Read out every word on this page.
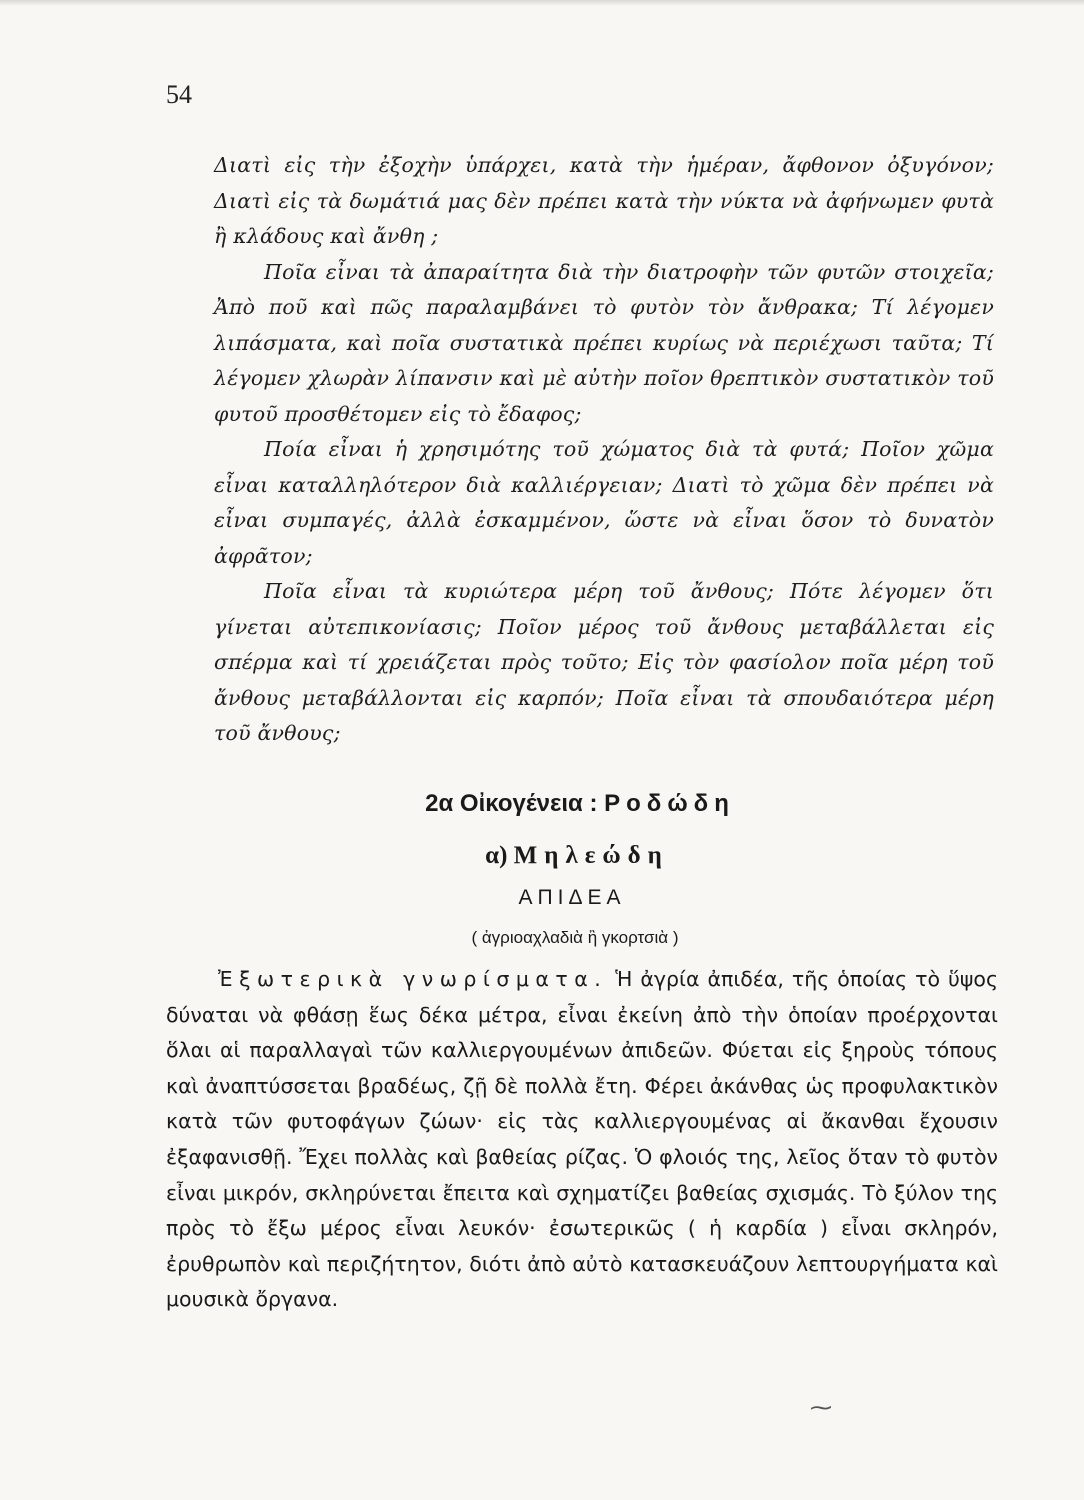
54

Διατὶ εἰς τὴν ἐξοχὴν ὑπάρχει, κατὰ τὴν ἡμέραν, ἄφθονον ὀξυγόνον; Διατὶ εἰς τὰ δωμάτιά μας δὲν πρέπει κατὰ τὴν νύκτα νὰ ἀφήνωμεν φυτὰ ἢ κλάδους καὶ ἄνθη ;

Ποῖα εἶναι τὰ ἀπαραίτητα διὰ τὴν διατροφὴν τῶν φυτῶν στοιχεῖα; Ἀπὸ ποῦ καὶ πῶς παραλαμβάνει τὸ φυτὸν τὸν ἄνθρακα; Τί λέγομεν λιπάσματα, καὶ ποῖα συστατικὰ πρέπει κυρίως νὰ περιέχωσι ταῦτα; Τί λέγομεν χλωρὰν λίπανσιν καὶ μὲ αὐτὴν ποῖον θρεπτικὸν συστατικὸν τοῦ φυτοῦ προσθέτομεν εἰς τὸ ἔδαφος;

Ποία εἶναι ἡ χρησιμότης τοῦ χώματος διὰ τὰ φυτά; Ποῖον χῶμα εἶναι καταλληλότερον διὰ καλλιέργειαν; Διατὶ τὸ χῶμα δὲν πρέπει νὰ εἶναι συμπαγές, ἀλλὰ ἐσκαμμένον, ὥστε νὰ εἶναι ὅσον τὸ δυνατὸν ἀφρᾶτον;

Ποῖα εἶναι τὰ κυριώτερα μέρη τοῦ ἄνθους; Πότε λέγομεν ὅτι γίνεται αὐτεπικονίασις; Ποῖον μέρος τοῦ ἄνθους μεταβάλλεται εἰς σπέρμα καὶ τί χρειάζεται πρὸς τοῦτο; Εἰς τὸν φασίολον ποῖα μέρη τοῦ ἄνθους μεταβάλλονται εἰς καρπόν; Ποῖα εἶναι τὰ σπουδαιότερα μέρη τοῦ ἄνθους;

2α Οἰκογένεια : Ροδώδη
α) Μηλεώδη
ΑΠΙΔΕΑ
( ἀγριοαχλαδιὰ ἢ γκορτσιὰ )

Ἐξωτερικὰ γνωρίσματα. Ἡ ἀγρία ἀπιδέα, τῆς ὁποίας τὸ ὕψος δύναται νὰ φθάσῃ ἕως δέκα μέτρα, εἶναι ἐκείνη ἀπὸ τὴν ὁποίαν προέρχονται ὅλαι αἱ παραλλαγαὶ τῶν καλλιεργουμένων ἀπιδεῶν. Φύεται εἰς ξηροὺς τόπους καὶ ἀναπτύσσεται βραδέως, ζῇ δὲ πολλὰ ἔτη. Φέρει ἀκάνθας ὡς προφυλακτικὸν κατὰ τῶν φυτοφάγων ζώων· εἰς τὰς καλλιεργουμένας αἱ ἄκανθαι ἔχουσιν ἐξαφανισθῇ. Ἔχει πολλὰς καὶ βαθείας ρίζας. Ὁ φλοιός της, λεῖος ὅταν τὸ φυτὸν εἶναι μικρόν, σκληρύνεται ἔπειτα καὶ σχηματίζει βαθείας σχισμάς. Τὸ ξύλον της πρὸς τὸ ἔξω μέρος εἶναι λευκόν· ἐσωτερικῶς ( ἡ καρδία ) εἶναι σκληρόν, ἐρυθρωπὸν καὶ περιζήτητον, διότι ἀπὸ αὐτὸ κατασκευάζουν λεπτουργήματα καὶ μουσικὰ ὄργανα.

⁓
